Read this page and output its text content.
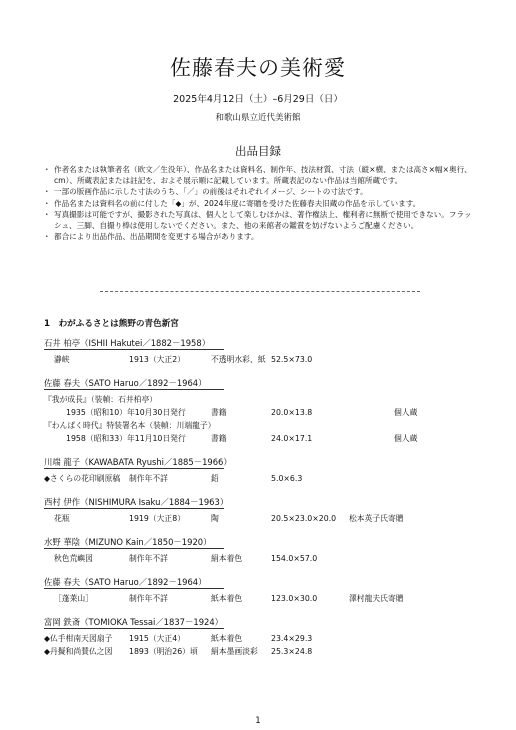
佐藤春夫の美術愛
2025年4月12日（土）–6月29日（日）
和歌山県立近代美術館
出品目録
・ 作者名または執筆者名（欧文／生没年）、作品名または資料名、制作年、技法材質、寸法（縦×横、または高さ×幅×奥行、cm）、所蔵表記または註記を、およそ展示順に記載しています。所蔵表記のない作品は当館所蔵です。
・ 一部の版画作品に示した寸法のうち、「／」の前後はそれぞれイメージ、シートの寸法です。
・ 作品名または資料名の前に付した「◆」が、2024年度に寄贈を受けた佐藤春夫旧蔵の作品を示しています。
・ 写真撮影は可能ですが、撮影された写真は、個人として楽しむほかは、著作権法上、権利者に無断で使用できない。フラッシュ、三脚、自撮り棒は使用しないでください。また、他の来館者の鑑賞を妨げないようご配慮ください。
・ 都合により出品作品、出品期間を変更する場合があります。
1　わがふるさとは熊野の青色新宮
石井 柏亭（ISHII Hakutei／1882－1958）
瀞峡	1913（大正2）	不透明水彩、紙 52.5×73.0
佐藤 春夫（SATO Haruo／1892－1964）
『我が成長』（装幀：石井柏亭）
1935（昭和10）年10月30日発行	書籍	20.0×13.8	個人蔵
『わんぱく時代』特装署名本（装幀：川端龍子）
1958（昭和33）年11月10日発行	書籍	24.0×17.1	個人蔵
川端 龍子（KAWABATA Ryushi／1885－1966）
◆さくらの花印刷原稿 制作年不詳	鉛	5.0×6.3
西村 伊作（NISHIMURA Isaku／1884－1963）
花瓶	1919（大正8）	陶	20.5×23.0×20.0 松本英子氏寄贈
水野 華陰（MIZUNO Kain／1850－1920）
秋色荒嶼図	制作年不詳	絹本着色	154.0×57.0
佐藤 春夫（SATO Haruo／1892－1964）
［蓬莱山］	制作年不詳	紙本着色	123.0×30.0	澤村龍夫氏寄贈
富岡 鉄斎（TOMIOKA Tessai／1837－1924）
◆仏手柑南天図扇子 1915（大正4）	紙本着色	23.4×29.3
◆丹擬和尚賛仏之図 1893（明治26）頃 絹本墨画淡彩 25.3×24.8
1
